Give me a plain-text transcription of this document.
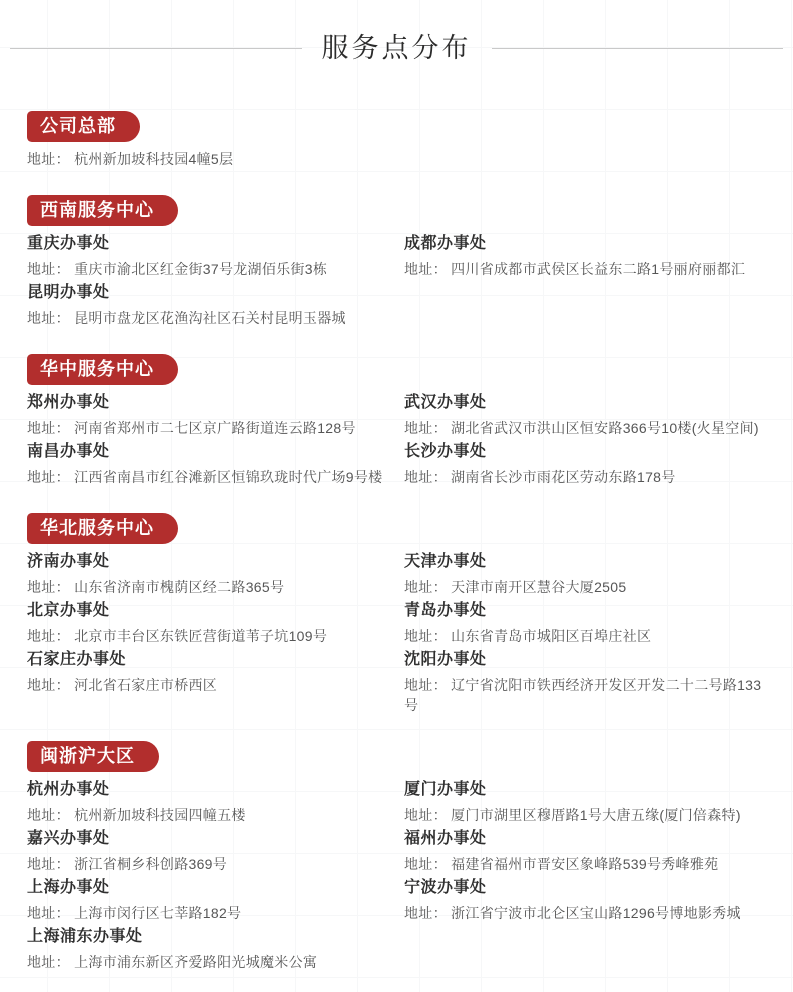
服务点分布
公司总部
地址： 杭州新加坡科技园4幢5层
西南服务中心
重庆办事处
地址： 重庆市渝北区红金街37号龙湖佰乐街3栋
成都办事处
地址： 四川省成都市武侯区长益东二路1号丽府丽都汇
昆明办事处
地址： 昆明市盘龙区花渔沟社区石关村昆明玉器城
华中服务中心
郑州办事处
地址： 河南省郑州市二七区京广路街道连云路128号
武汉办事处
地址： 湖北省武汉市洪山区恒安路366号10楼(火星空间)
南昌办事处
地址： 江西省南昌市红谷滩新区恒锦玖珑时代广场9号楼
长沙办事处
地址： 湖南省长沙市雨花区劳动东路178号
华北服务中心
济南办事处
地址： 山东省济南市槐荫区经二路365号
天津办事处
地址： 天津市南开区慧谷大厦2505
北京办事处
地址： 北京市丰台区东铁匠营街道苇子坑109号
青岛办事处
地址： 山东省青岛市城阳区百埠庄社区
石家庄办事处
地址： 河北省石家庄市桥西区
沈阳办事处
地址： 辽宁省沈阳市铁西经济开发区开发二十二号路133号
闽浙沪大区
杭州办事处
地址： 杭州新加坡科技园四幢五楼
厦门办事处
地址： 厦门市湖里区穆厝路1号大唐五缘(厦门倍森特)
嘉兴办事处
地址： 浙江省桐乡科创路369号
福州办事处
地址： 福建省福州市晋安区象峰路539号秀峰雅苑
上海办事处
地址： 上海市闵行区七莘路182号
宁波办事处
地址： 浙江省宁波市北仑区宝山路1296号博地影秀城
上海浦东办事处
地址： 上海市浦东新区齐爱路阳光城魔米公寓
